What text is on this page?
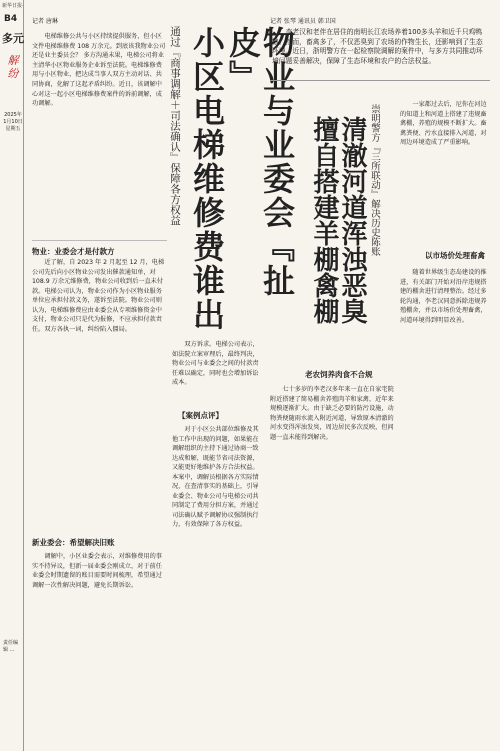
新华日报·
B4
多元
解 纷
2025年 1月10日 星期五
责任编辑 …
记者 唐琳
电梯维修公共与小区持续提供服务，但小区文件电梯维修费 108 万余元。到底该我物业公司还是业主委员会？ 多方沟通未果，电梯公司将业主清华小区物业服务企业诉至法院。电梯维修费用与小区物业，把达成当事人双方主动对话、共同协商，化解了这起矛盾纠纷。近日，该调解中心对这一起小区电梯维修费案件的诉前调解，成功调解。	物业与业委会『扯皮』
小区电梯维修费谁出
通过『商事调解＋司法确认』保障各方权益
物业：业委会才是付款方
近了解，自 2023 年 2 月起至 12 月，电梯公司先后向小区物业公司发出催款通知单，对 108.9 万余元维修费，物业公司收到后一直未付款。电梯公司认为，物业公司作为小区物业服务单位应承担付款义务，遂诉至法院。物业公司则认为，电梯维修费应由业委会从专项维修资金中支付，物业公司只是代为报修，不应承担付款责任。双方各执一词，纠纷陷入僵局。
新业委会：希望解决旧账
调解中，小区业委会表示，对维修费用的事实不持异议，但新一届业委会刚成立，对于前任业委会时期遗留的账目需要时间梳理，希望通过调解一次性解决问题，避免长期诉讼。
双方诉求。电梯公司表示，如法院立案审理后，最终判决，物业公司与业委会之间的付款责任难以确定，同时也会增加诉讼成本。
【案例点评】
对于小区公共部位维修及其他工作中出现的问题，如果能在调解组织的主持下通过协商一致达成和解，既能节省司法资源，又能更好地维护各方合法权益。本案中，调解员根据各方实际情况，在查清事实的基础上，引导业委会、物业公司与电梯公司共同制定了费用分担方案，并通过司法确认赋予调解协议强制执行力，有效保障了各方权益。
记者 张琴 通讯员 韩卫国
李老汉和老伴在居住的南明长江农场养着100多头羊和近千只鸡鸭鹅。然而，畜禽多了，不仅恶臭到了农场的作物生长，还影响到了生态环境。近日，浙明警方在一起检察院调解的案件中，与多方共同推动环境问题妥善解决，保障了生态环境和农户的合法权益。
清澈河道浑浊恶臭
擅自搭建羊棚禽棚	崇明警方『三所联动』解决历史陈账	一家都过去后，尼你在河边的知道上和河道上搭建了违规畜禽棚，养殖的规模不断扩大。畜禽粪便、污水直接排入河道，对周边环境造成了严重影响。
以市场价处理畜禽
随着世界级生态岛建设的推进，有关部门开始对沿岸违规搭建的棚舍进行清理整治。经过多轮沟通，李老汉同意拆除违规养殖棚舍，并以市场价处理畜禽，河道环境得到明显改善。
老农饲养肉食不合规
七十多岁的李老汉多年来一直在自家宅院附近搭建了简易棚舍养殖肉羊和家禽，近年来规模逐渐扩大。由于缺乏必要的防污设施，动物粪便随雨水流入附近河道，导致原本清澈的河水变得浑浊发臭，周边居民多次反映，但问题一直未能得到解决。
